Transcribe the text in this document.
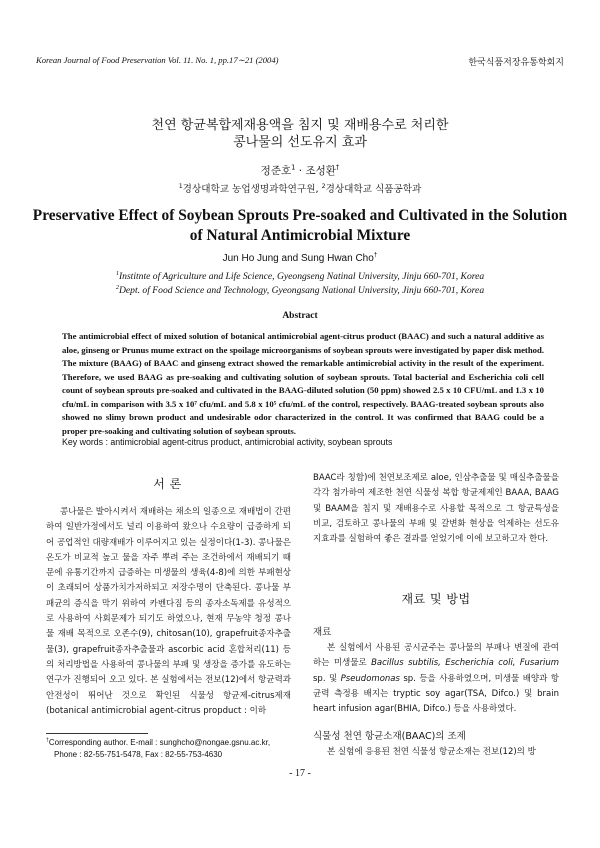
Korean Journal of Food Preservation Vol. 11. No. 1, pp.17∼21 (2004)	한국식품저장유통학회지
천연 항균복합제재용액을 침지 및 재배용수로 처리한
콩나물의 선도유지 효과
정준호$^1$ · 조성환†
$^1$경상대학교 농업생명과학연구원, $^2$경상대학교 식품공학과
Preservative Effect of Soybean Sprouts Pre-soaked and Cultivated in the Solution
of Natural Antimicrobial Mixture
Jun Ho Jung and Sung Hwan Cho†
$^1$Institnte of Agriculture and Life Science, Gyeongseng Natinal University, Jinju 660-701, Korea
$^2$Dept. of Food Science and Technology, Gyeongsang National University, Jinju 660-701, Korea
Abstract

The antimicrobial effect of mixed solution of botanical antimicrobial agent-citrus product (BAAC) and such a natural additive as aloe, ginseng or Prunus mume extract on the spoilage microorganisms of soybean sprouts were investigated by paper disk method. The mixture (BAAG) of BAAC and ginseng extract showed the remarkable antimicrobial activity in the result of the experiment. Therefore, we used BAAG as pre-soaking and cultivating solution of soybean sprouts. Total bacterial and Escherichia coli cell count of soybean sprouts pre-soaked and cultivated in the BAAG-diluted solution (50 ppm) showed 2.5 x 10 CFU/mL and 1.3 x 10 cfu/mL in comparison with 3.5 x 10⁷ cfu/mL and 5.8 x 10⁵ cfu/mL of the control, respectively. BAAG-treated soybean sprouts also showed no slimy brown product and undesirable odor characterized in the control. It was confirmed that BAAG could be a proper pre-soaking and cultivating solution of soybean sprouts.

Key words : antimicrobial agent-citrus product, antimicrobial activity, soybean sprouts
서 론

콩나물은 발아시켜서 재배하는 채소의 일종으로 재배법이 간편하여 일반가정에서도 널리 이용하여 왔으나 수요량이 급증하게 되어 공업적인 대량재배가 이루어지고 있는 실정이다(1-3). 콩나물은 온도가 비교적 높고 물을 자주 뿌려 주는 조건하에서 재배되기 때문에 유통기간까지 급증하는 미생물의 생육(4-8)에 의한 부패현상이 초래되어 상품가치가저하되고 저장수명이 단축된다. 콩나물 부패균의 증식을 막기 위하여 카벤다짐 등의 종자소독제를 유성적으로 사용하여 사회문제가 되기도 하였으나, 현재 무농약 청정 콩나물 재배 목적으로 오존수(9), chitosan(10), grapefruit종자추출물(3), grapefruit종자추출물과 ascorbic acid 혼합처리(11) 등의 처리방법을 사용하여 콩나물의 부패 및 생장을 증가를 유도하는 연구가 진행되어 오고 있다. 본 실험에서는 전보(12)에서 항균력과 안전성이 뛰어난 것으로 확인된 식물성 항균제-citrus제재(botanical antimicrobial agent-citrus propduct : 이하

BAAC라 칭함)에 천연보조제로 aloe, 인삼추출물 및 매실추출물을 각각 첨가하여 제조한 천연 식물성 복합 항균제제인 BAAA, BAAG 및 BAAM을 침지 및 재배용수로 사용할 목적으로 그 항균특성을 비교, 검토하고 콩나물의 부패 및 갈변화 현상을 억제하는 선도유지효과를 실험하여 좋은 결과를 얻었기에 이에 보고하고자 한다.

재료 및 방법
재료

본 실험에서 사용된 공시균주는 콩나물의 부패나 변질에 관여하는 미생물로 Bacillus subtilis, Escherichia coli, Fusarium sp. 및 Pseudomonas sp. 등을 사용하였으며, 미생물 배양과 항균력 측정용 배지는 tryptic soy agar(TSA, Difco.) 및 brain heart infusion agar(BHIA, Difco.) 등을 사용하였다.

식물성 천연 항균소재(BAAC)의 조제

본 실험에 응용된 천연 식물성 항균소재는 전보(12)의 방

†Corresponding author. E-mail : sunghcho@nongae.gsnu.ac.kr,
Phone : 82-55-751-5478, Fax : 82-55-753-4630
- 17 -
